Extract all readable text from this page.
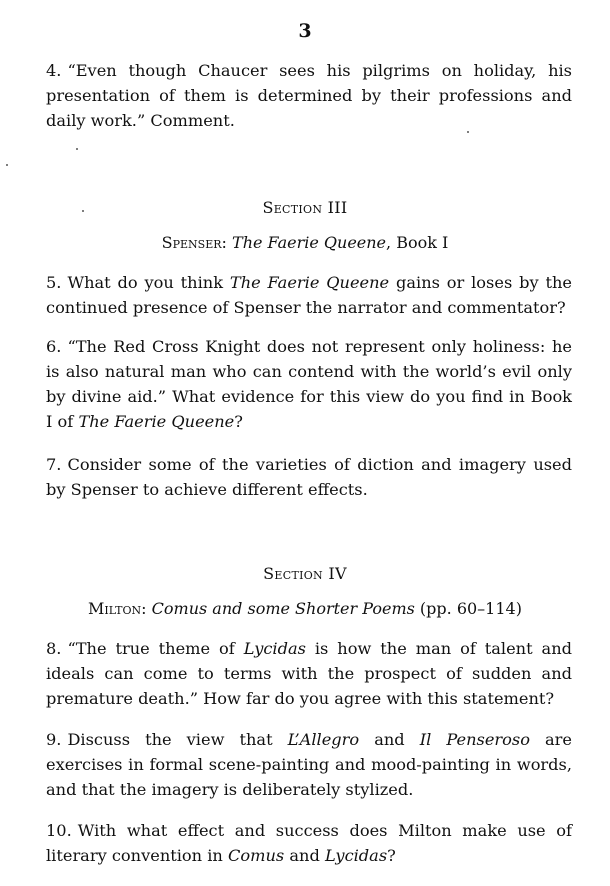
3

4. “Even though Chaucer sees his pilgrims on holiday, his presentation of them is determined by their professions and daily work.” Comment.

Section III
Spenser: The Faerie Queene, Book I

5. What do you think The Faerie Queene gains or loses by the continued presence of Spenser the narrator and commentator?

6. “The Red Cross Knight does not represent only holiness: he is also natural man who can contend with the world’s evil only by divine aid.” What evidence for this view do you find in Book I of The Faerie Queene?

7. Consider some of the varieties of diction and imagery used by Spenser to achieve different effects.

Section IV
Milton: Comus and some Shorter Poems (pp. 60–114)

8. “The true theme of Lycidas is how the man of talent and ideals can come to terms with the prospect of sudden and premature death.” How far do you agree with this statement?

9. Discuss the view that L’Allegro and Il Penseroso are exercises in formal scene-painting and mood-painting in words, and that the imagery is deliberately stylized.

10. With what effect and success does Milton make use of literary convention in Comus and Lycidas?
